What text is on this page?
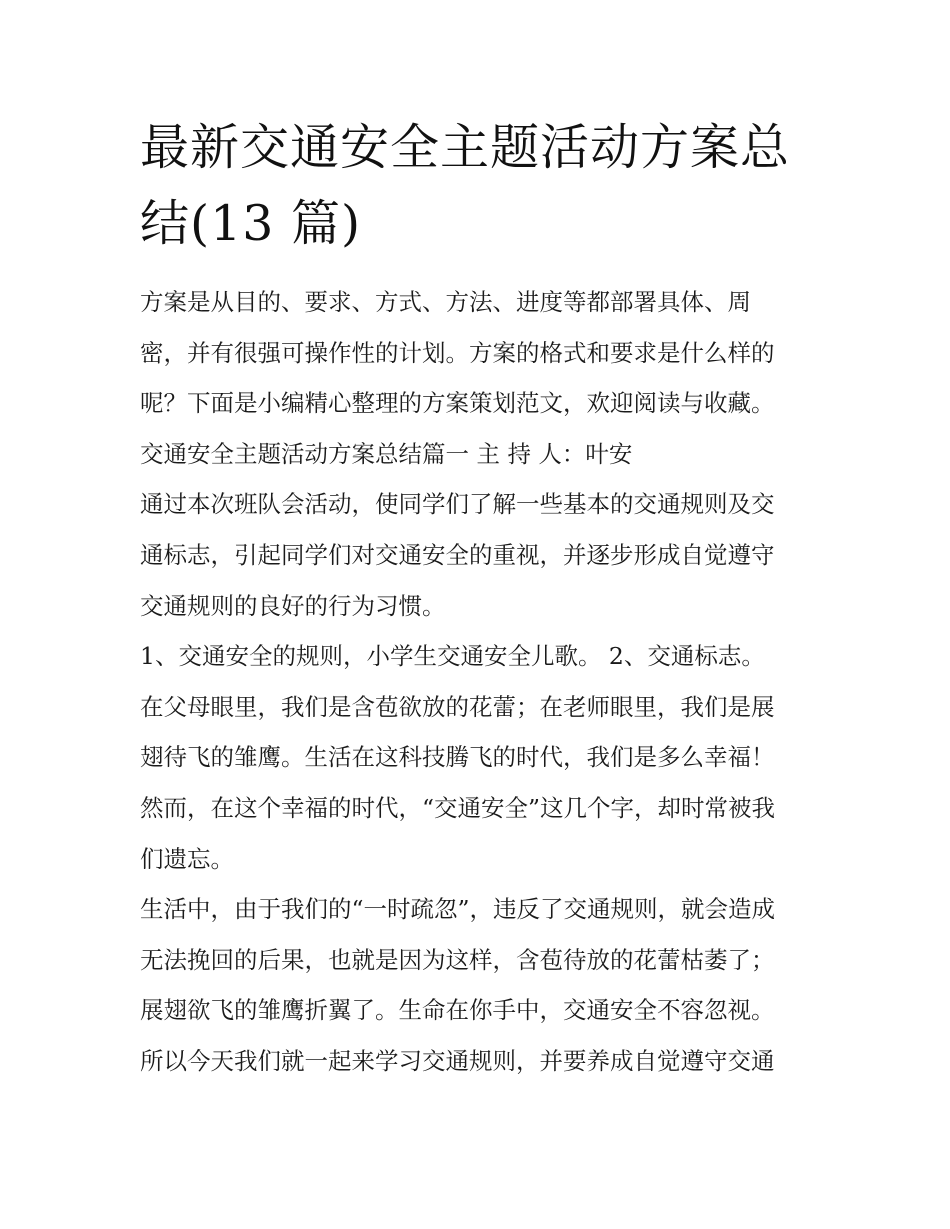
最新交通安全主题活动方案总
结(13 篇)
方案是从目的、要求、方式、方法、进度等都部署具体、周
密，并有很强可操作性的计划。方案的格式和要求是什么样的
呢？下面是小编精心整理的方案策划范文，欢迎阅读与收藏。
交通安全主题活动方案总结篇一 主 持 人：叶安
通过本次班队会活动，使同学们了解一些基本的交通规则及交
通标志，引起同学们对交通安全的重视，并逐步形成自觉遵守
交通规则的良好的行为习惯。
1、交通安全的规则，小学生交通安全儿歌。 2、交通标志。
在父母眼里，我们是含苞欲放的花蕾；在老师眼里，我们是展
翅待飞的雏鹰。生活在这科技腾飞的时代，我们是多么幸福！
然而，在这个幸福的时代，“交通安全”这几个字，却时常被我
们遗忘。
生活中，由于我们的“一时疏忽”，违反了交通规则，就会造成
无法挽回的后果，也就是因为这样，含苞待放的花蕾枯萎了；
展翅欲飞的雏鹰折翼了。生命在你手中，交通安全不容忽视。
所以今天我们就一起来学习交通规则，并要养成自觉遵守交通
